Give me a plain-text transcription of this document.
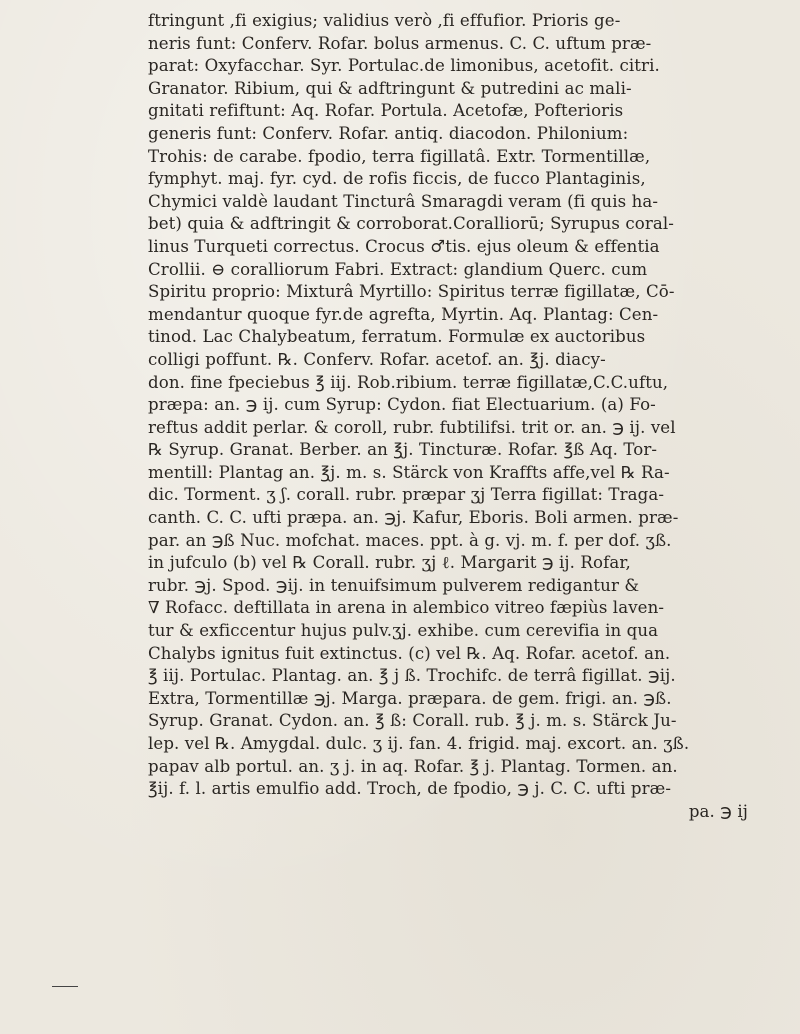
ftringunt ,fi exigius; validius verò ,fi effufior. Prioris ge-
neris funt: Conferv. Rofar. bolus armenus. C. C. uftum præ-
parat: Oxyfacchar. Syr. Portulac.de limonibus, acetofit. citri.
Granator. Ribium, qui & adftringunt & putredini ac mali-
gnitati refiftunt: Aq. Rofar. Portula. Acetofæ, Pofterioris
generis funt: Conferv. Rofar. antiq. diacodon. Philonium:
Trohis: de carabe. fpodio, terra figillatâ. Extr. Tormentillæ,
fymphyt. maj. fyr. cyd. de rofis ficcis, de fucco Plantaginis,
Chymici valdè laudant Tincturâ Smaragdi veram (fi quis ha-
bet) quia & adftringit & corroborat.Coralliorū; Syrupus coral-
linus Turqueti correctus. Crocus ♂tis. ejus oleum & effentia
Crollii. ⊖ coralliorum Fabri. Extract: glandium Querc. cum
Spiritu proprio: Mixturâ Myrtillo: Spiritus terræ figillatæ, Cō-
mendantur quoque fyr.de agrefta, Myrtin. Aq. Plantag: Cen-
tinod. Lac Chalybeatum, ferratum. Formulæ ex auctoribus
colligi poffunt. ℞. Conferv. Rofar. acetof. an. ℥j. diacy-
don. fine fpeciebus ℥ iij. Rob.ribium. terræ figillatæ,C.C.uftu,
præpa: an. ℈ ij. cum Syrup: Cydon. fiat Electuarium. (a) Fo-
reftus addit perlar. & coroll, rubr. fubtilifsi. trit or. an. ℈ ij. vel
℞ Syrup. Granat. Berber. an ℥j. Tincturæ. Rofar. ℥ß Aq. Tor-
mentill: Plantag an. ℥j. m. s. Stärck von Kraffts affe,vel ℞ Ra-
dic. Torment. ʒ ʃ. corall. rubr. præpar ʒj Terra figillat: Traga-
canth. C. C. ufti præpa. an. ℈j. Kafur, Eboris. Boli armen. præ-
par. an ℈ß Nuc. mofchat. maces. ppt. à g. vj. m. f. per dof. ʒß.
in jufculo (b) vel ℞ Corall. rubr. ʒj ℓ. Margarit ℈ ij. Rofar,
rubr. ℈j. Spod. ℈ij. in tenuifsimum pulverem redigantur &
∇ Rofacc. deftillata in arena in alembico vitreo fæpiùs laven-
tur & exficcentur hujus pulv.ʒj. exhibe. cum cerevifia in qua
Chalybs ignitus fuit extinctus. (c) vel ℞. Aq. Rofar. acetof. an.
℥ iij. Portulac. Plantag. an. ℥ j ß. Trochifc. de terrâ figillat. ℈ij.
Extra, Tormentillæ ℈j. Marga. præpara. de gem. frigi. an. ℈ß.
Syrup. Granat. Cydon. an. ℥ ß: Corall. rub. ℥ j. m. s. Stärck Ju-
lep. vel ℞. Amygdal. dulc. ʒ ij. fan. 4. frigid. maj. excort. an. ʒß.
papav alb portul. an. ʒ j. in aq. Rofar. ℥ j. Plantag. Tormen. an.
℥ij. f. l. artis emulfio add. Troch, de fpodio, ℈ j. C. C. ufti præ-
pa. ℈ ij
